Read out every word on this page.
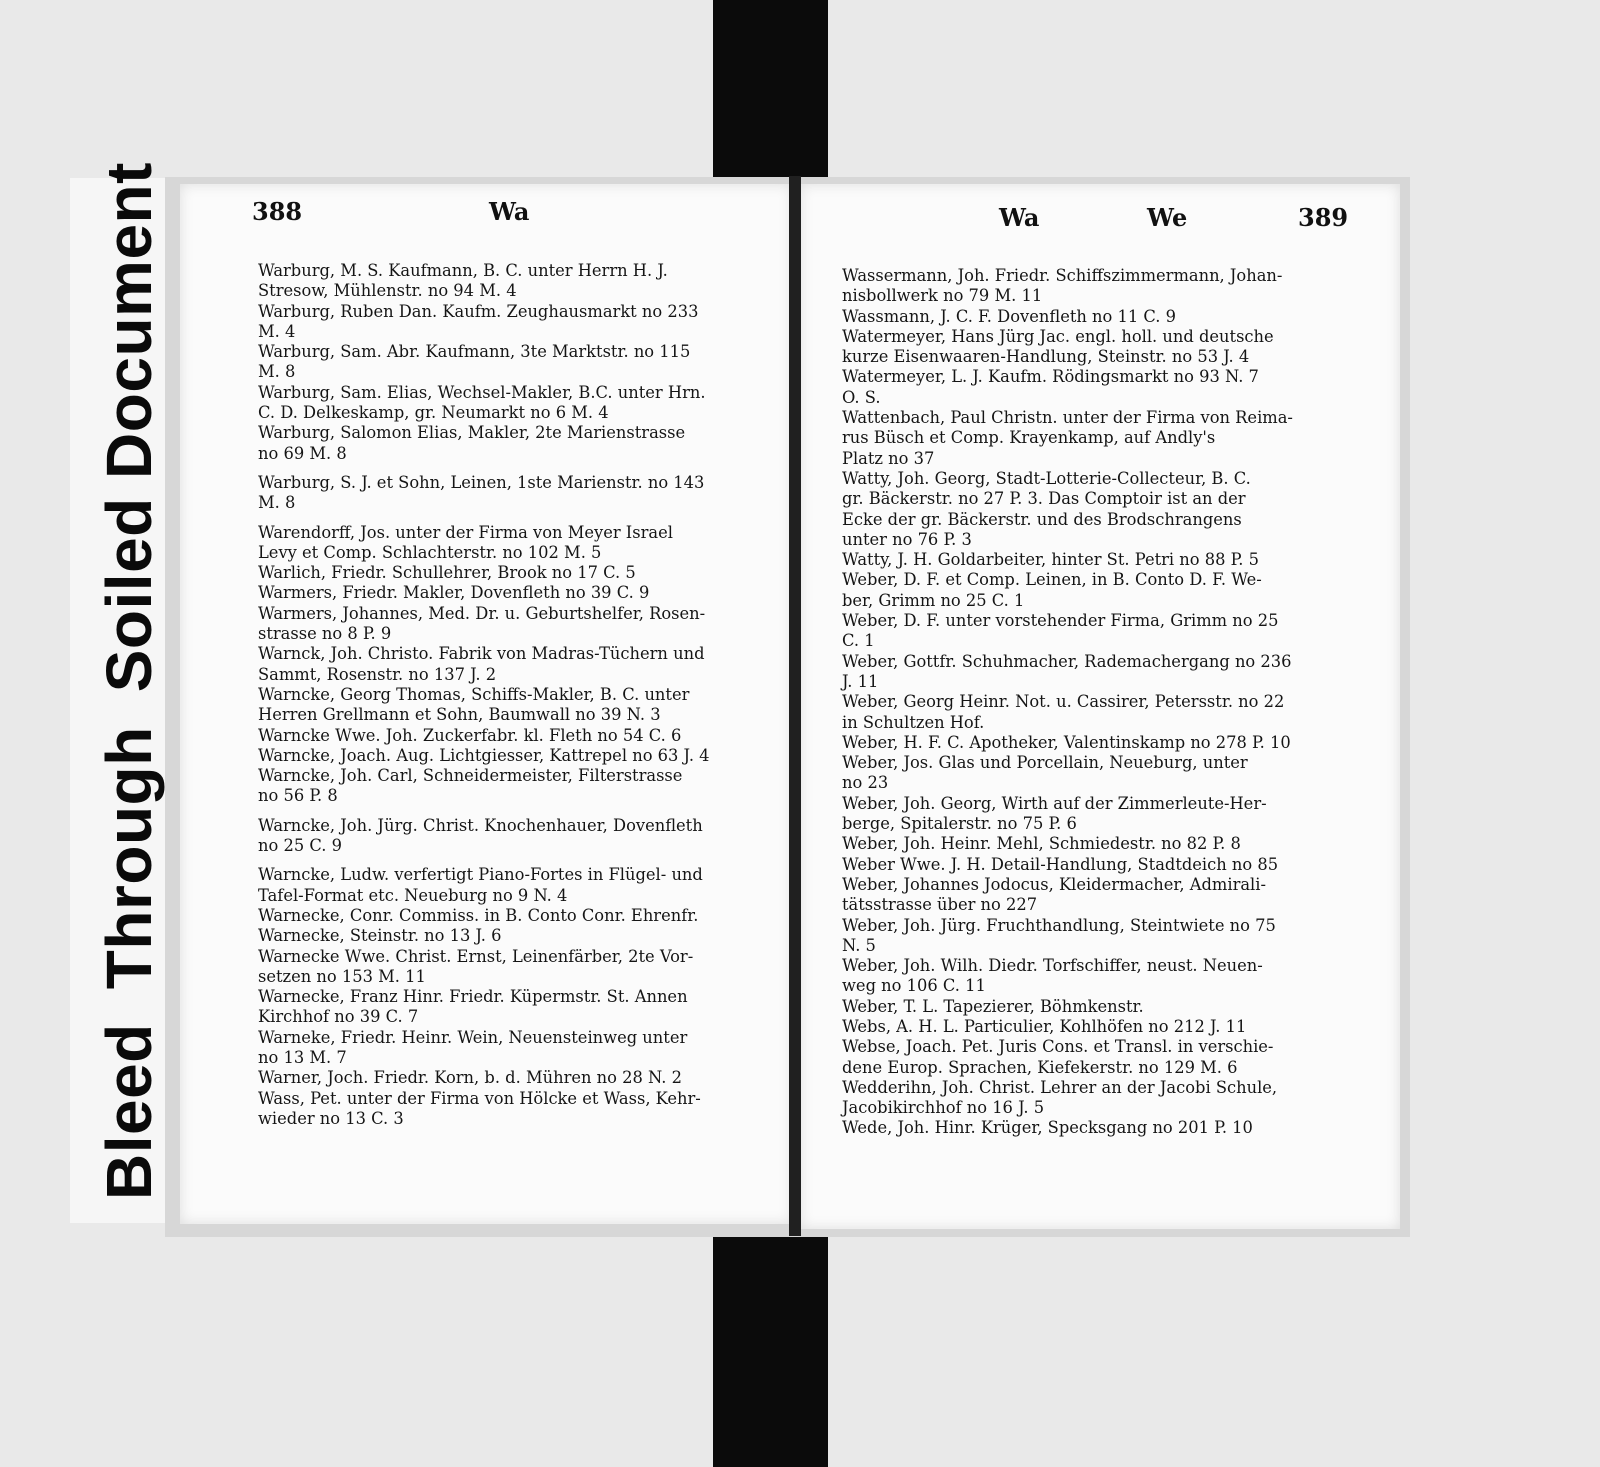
BleedThroughSoiled Document	388	Wa	Wa	We	389
Warburg, M. S. Kaufmann, B. C. unter Herrn H. J.
Stresow, Mühlenstr. no 94 M. 4
Warburg, Ruben Dan. Kaufm. Zeughausmarkt no 233
M. 4
Warburg, Sam. Abr. Kaufmann, 3te Marktstr. no 115
M. 8
Warburg, Sam. Elias, Wechsel-Makler, B.C. unter Hrn.
C. D. Delkeskamp, gr. Neumarkt no 6 M. 4
Warburg, Salomon Elias, Makler, 2te Marienstrasse
no 69 M. 8
Warburg, S. J. et Sohn, Leinen, 1ste Marienstr. no 143
M. 8
Warendorff, Jos. unter der Firma von Meyer Israel
Levy et Comp. Schlachterstr. no 102 M. 5
Warlich, Friedr. Schullehrer, Brook no 17 C. 5
Warmers, Friedr. Makler, Dovenfleth no 39 C. 9
Warmers, Johannes, Med. Dr. u. Geburtshelfer, Rosen-
strasse no 8 P. 9
Warnck, Joh. Christo. Fabrik von Madras-Tüchern und
Sammt, Rosenstr. no 137 J. 2
Warncke, Georg Thomas, Schiffs-Makler, B. C. unter
Herren Grellmann et Sohn, Baumwall no 39 N. 3
Warncke Wwe. Joh. Zuckerfabr. kl. Fleth no 54 C. 6
Warncke, Joach. Aug. Lichtgiesser, Kattrepel no 63 J. 4
Warncke, Joh. Carl, Schneidermeister, Filterstrasse
no 56 P. 8
Warncke, Joh. Jürg. Christ. Knochenhauer, Dovenfleth
no 25 C. 9
Warncke, Ludw. verfertigt Piano-Fortes in Flügel- und
Tafel-Format etc. Neueburg no 9 N. 4
Warnecke, Conr. Commiss. in B. Conto Conr. Ehrenfr.
Warnecke, Steinstr. no 13 J. 6
Warnecke Wwe. Christ. Ernst, Leinenfärber, 2te Vor-
setzen no 153 M. 11
Warnecke, Franz Hinr. Friedr. Küpermstr. St. Annen
Kirchhof no 39 C. 7
Warneke, Friedr. Heinr. Wein, Neuensteinweg unter
no 13 M. 7
Warner, Joch. Friedr. Korn, b. d. Mühren no 28 N. 2
Wass, Pet. unter der Firma von Hölcke et Wass, Kehr-
wieder no 13 C. 3
Wassermann, Joh. Friedr. Schiffszimmermann, Johan-
nisbollwerk no 79 M. 11
Wassmann, J. C. F. Dovenfleth no 11 C. 9
Watermeyer, Hans Jürg Jac. engl. holl. und deutsche
kurze Eisenwaaren-Handlung, Steinstr. no 53 J. 4
Watermeyer, L. J. Kaufm. Rödingsmarkt no 93 N. 7
O. S.
Wattenbach, Paul Christn. unter der Firma von Reima-
rus Büsch et Comp. Krayenkamp, auf Andly's
Platz no 37
Watty, Joh. Georg, Stadt-Lotterie-Collecteur, B. C.
gr. Bäckerstr. no 27 P. 3. Das Comptoir ist an der
Ecke der gr. Bäckerstr. und des Brodschrangens
unter no 76 P. 3
Watty, J. H. Goldarbeiter, hinter St. Petri no 88 P. 5
Weber, D. F. et Comp. Leinen, in B. Conto D. F. We-
ber, Grimm no 25 C. 1
Weber, D. F. unter vorstehender Firma, Grimm no 25
C. 1
Weber, Gottfr. Schuhmacher, Rademachergang no 236
J. 11
Weber, Georg Heinr. Not. u. Cassirer, Petersstr. no 22
in Schultzen Hof.
Weber, H. F. C. Apotheker, Valentinskamp no 278 P. 10
Weber, Jos. Glas und Porcellain, Neueburg, unter
no 23
Weber, Joh. Georg, Wirth auf der Zimmerleute-Her-
berge, Spitalerstr. no 75 P. 6
Weber, Joh. Heinr. Mehl, Schmiedestr. no 82 P. 8
Weber Wwe. J. H. Detail-Handlung, Stadtdeich no 85
Weber, Johannes Jodocus, Kleidermacher, Admirali-
tätsstrasse über no 227
Weber, Joh. Jürg. Fruchthandlung, Steintwiete no 75
N. 5
Weber, Joh. Wilh. Diedr. Torfschiffer, neust. Neuen-
weg no 106 C. 11
Weber, T. L. Tapezierer, Böhmkenstr.
Webs, A. H. L. Particulier, Kohlhöfen no 212 J. 11
Webse, Joach. Pet. Juris Cons. et Transl. in verschie-
dene Europ. Sprachen, Kiefekerstr. no 129 M. 6
Wedderihn, Joh. Christ. Lehrer an der Jacobi Schule,
Jacobikirchhof no 16 J. 5
Wede, Joh. Hinr. Krüger, Specksgang no 201 P. 10
